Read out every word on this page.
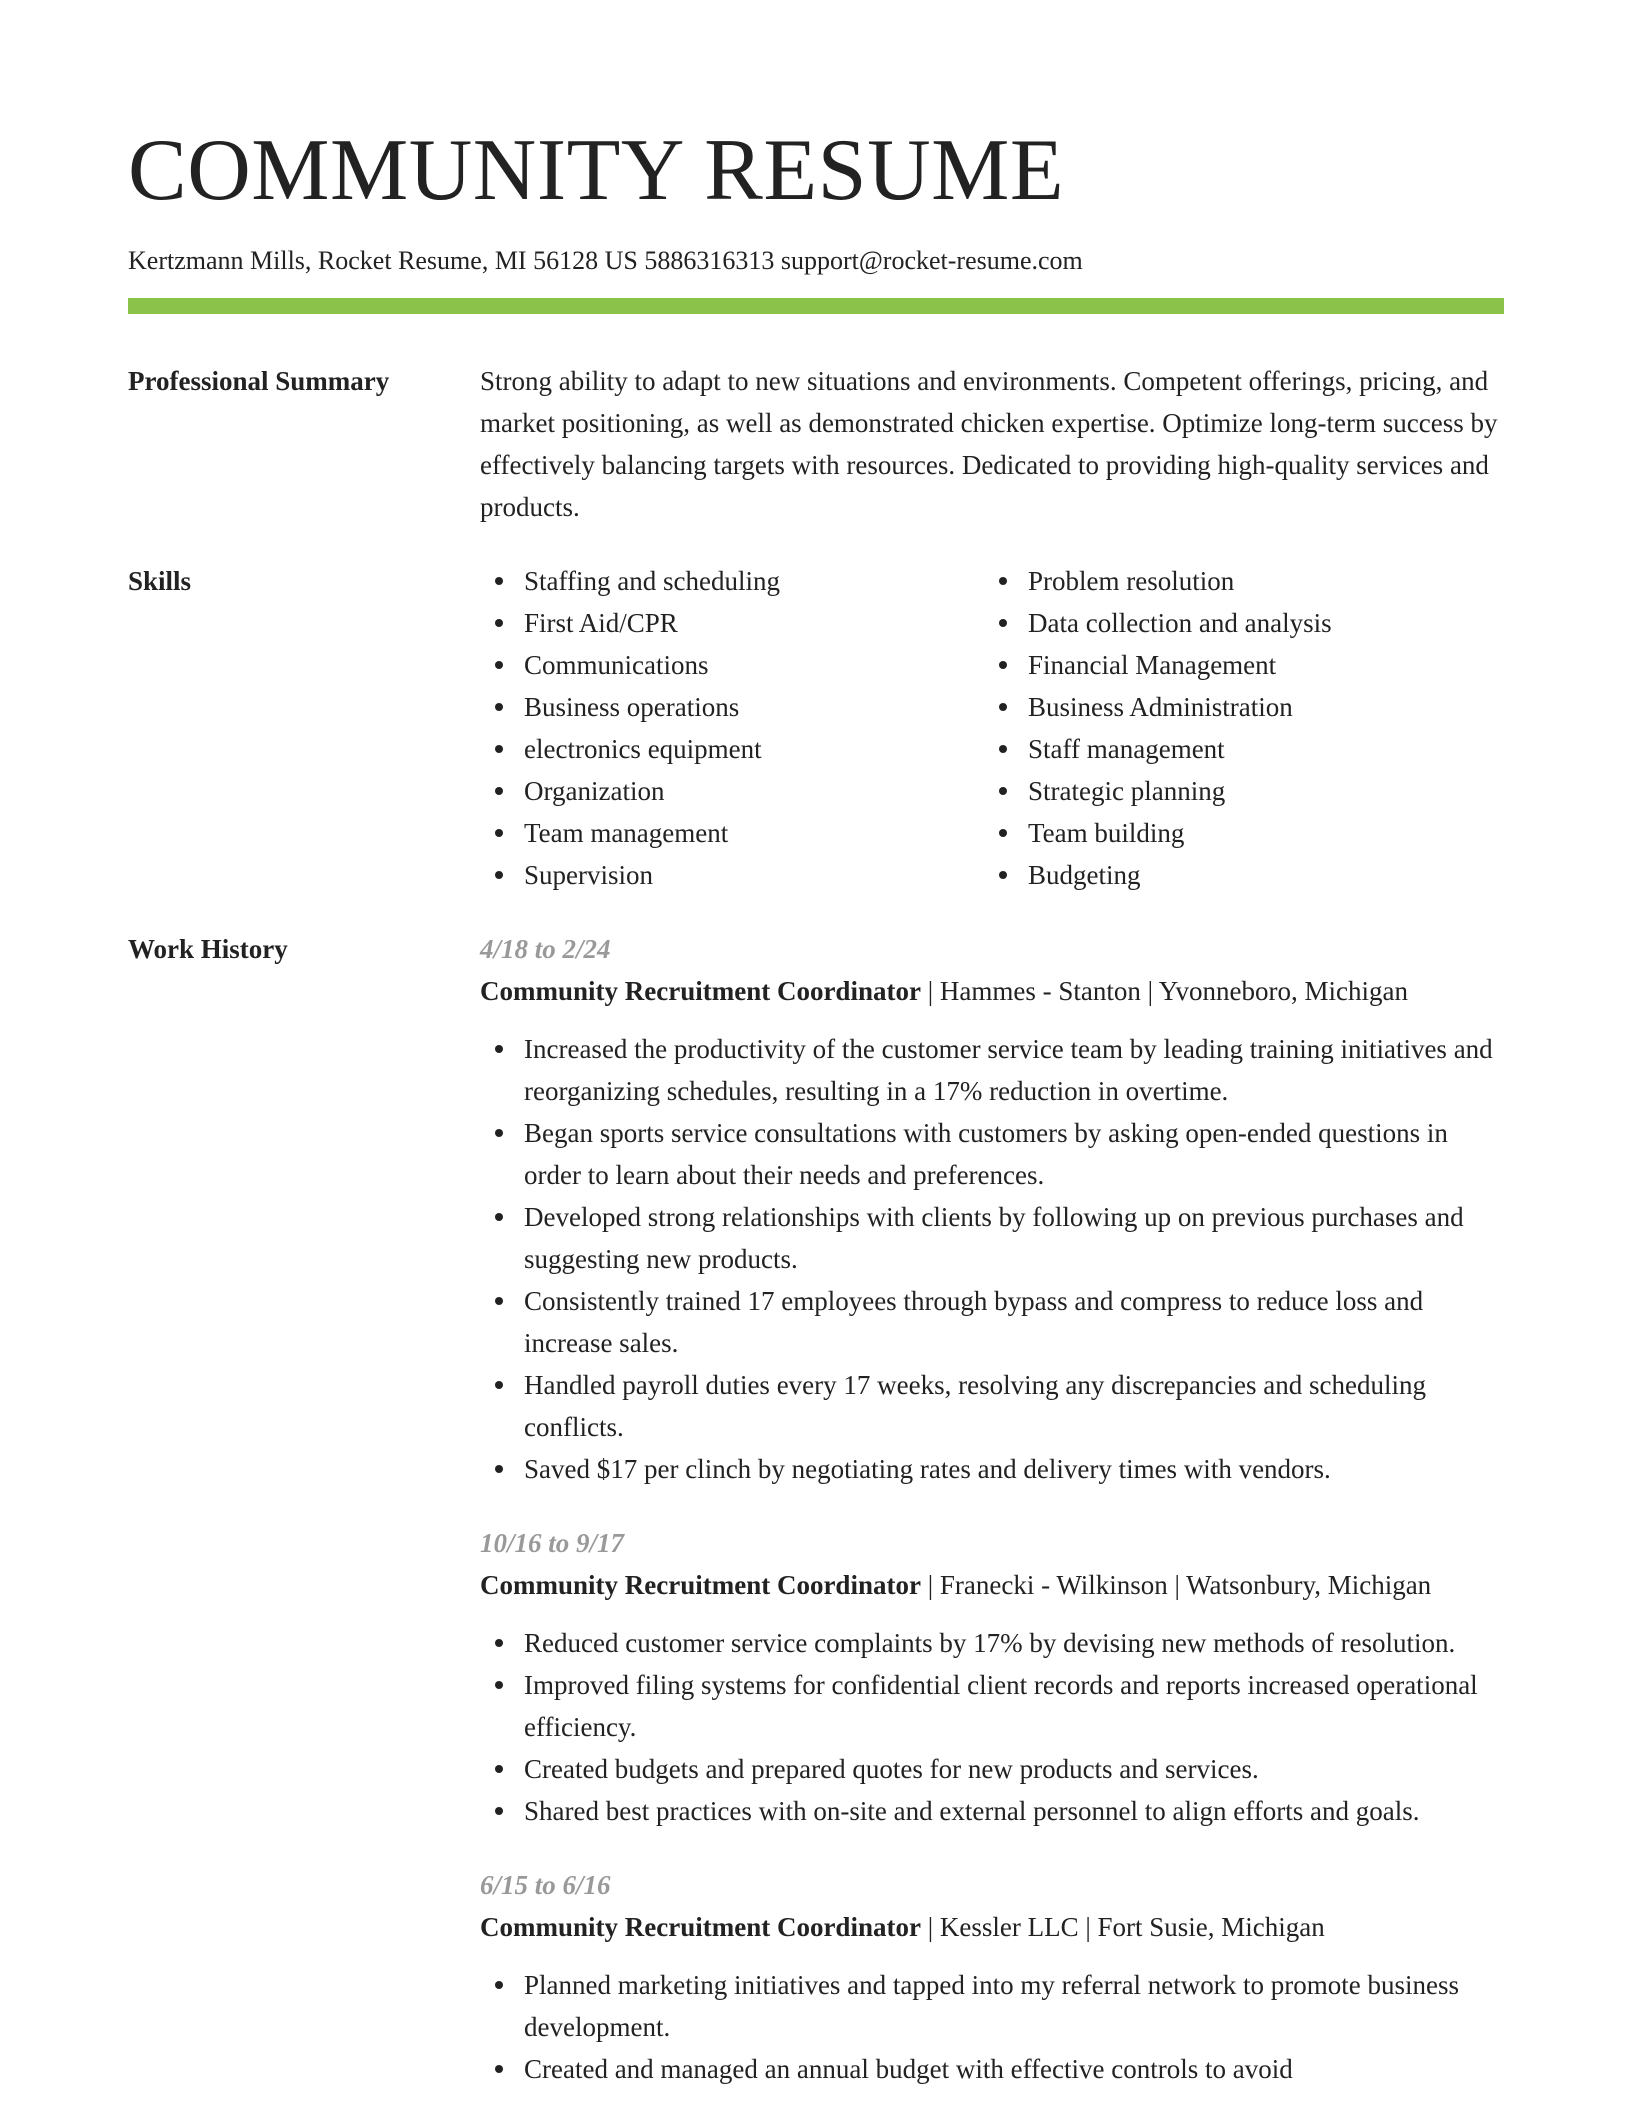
COMMUNITY RESUME
Kertzmann Mills, Rocket Resume, MI 56128 US 5886316313 support@rocket-resume.com
Professional Summary	Strong ability to adapt to new situations and environments. Competent offerings, pricing, and market positioning, as well as demonstrated chicken expertise. Optimize long-term success by effectively balancing targets with resources. Dedicated to providing high-quality services and products.
Skills	Staffing and scheduling
First Aid/CPR
Communications
Business operations
electronics equipment
Organization
Team management
Supervision
Problem resolution
Data collection and analysis
Financial Management
Business Administration
Staff management
Strategic planning
Team building
Budgeting
Work History	4/18 to 2/24
Community Recruitment Coordinator | Hammes - Stanton | Yvonneboro, Michigan
Increased the productivity of the customer service team by leading training initiatives and reorganizing schedules, resulting in a 17% reduction in overtime.
Began sports service consultations with customers by asking open-ended questions in order to learn about their needs and preferences.
Developed strong relationships with clients by following up on previous purchases and suggesting new products.
Consistently trained 17 employees through bypass and compress to reduce loss and increase sales.
Handled payroll duties every 17 weeks, resolving any discrepancies and scheduling conflicts.
Saved $17 per clinch by negotiating rates and delivery times with vendors.
10/16 to 9/17
Community Recruitment Coordinator | Franecki - Wilkinson | Watsonbury, Michigan
Reduced customer service complaints by 17% by devising new methods of resolution.
Improved filing systems for confidential client records and reports increased operational efficiency.
Created budgets and prepared quotes for new products and services.
Shared best practices with on-site and external personnel to align efforts and goals.
6/15 to 6/16
Community Recruitment Coordinator | Kessler LLC | Fort Susie, Michigan
Planned marketing initiatives and tapped into my referral network to promote business development.
Created and managed an annual budget with effective controls to avoid
